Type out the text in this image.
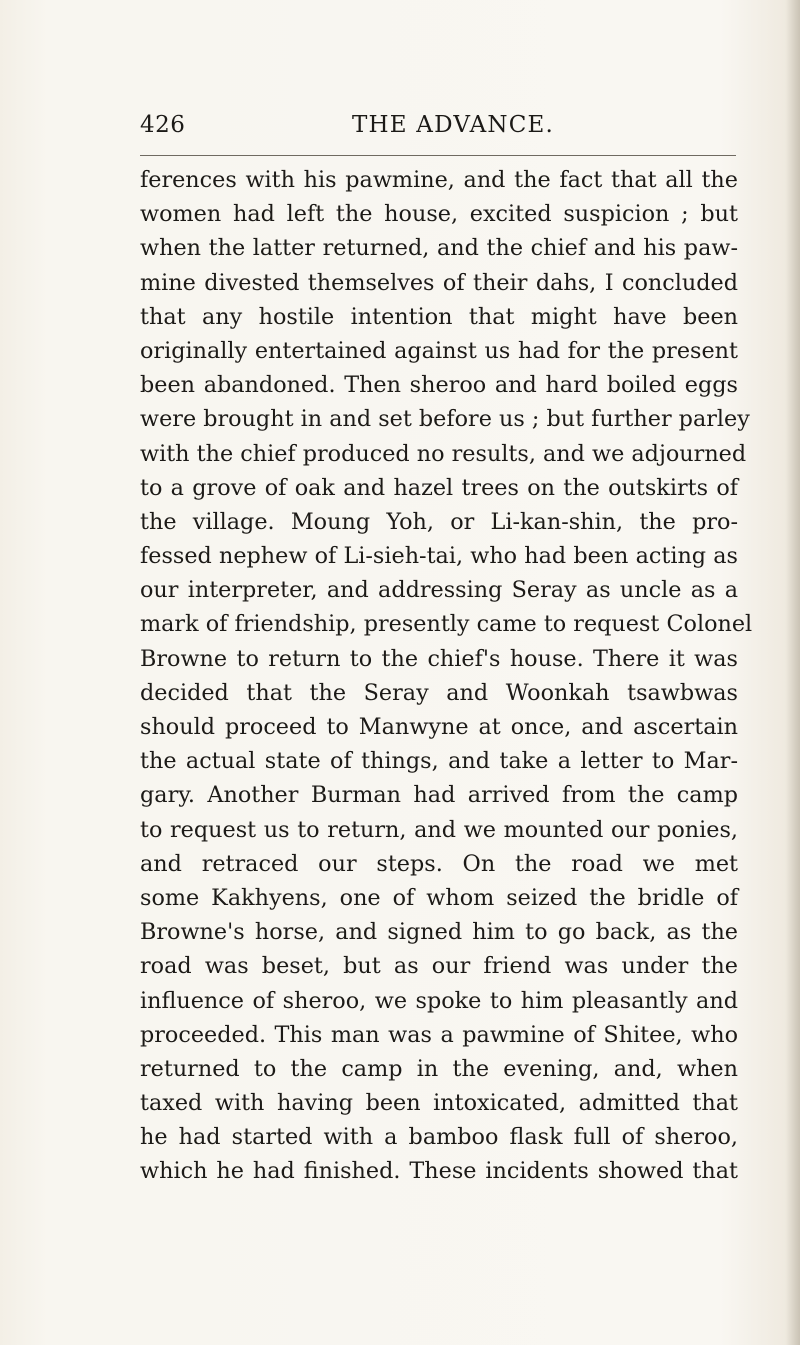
426	THE ADVANCE.
ferences with his pawmine, and the fact that all the
women had left the house, excited suspicion ; but
when the latter returned, and the chief and his paw-
mine divested themselves of their dahs, I concluded
that any hostile intention that might have been
originally entertained against us had for the present
been abandoned. Then sheroo and hard boiled eggs
were brought in and set before us ; but further parley
with the chief produced no results, and we adjourned
to a grove of oak and hazel trees on the outskirts of
the village. Moung Yoh, or Li-kan-shin, the pro-
fessed nephew of Li-sieh-tai, who had been acting as
our interpreter, and addressing Seray as uncle as a
mark of friendship, presently came to request Colonel
Browne to return to the chief's house. There it was
decided that the Seray and Woonkah tsawbwas
should proceed to Manwyne at once, and ascertain
the actual state of things, and take a letter to Mar-
gary. Another Burman had arrived from the camp
to request us to return, and we mounted our ponies,
and retraced our steps. On the road we met
some Kakhyens, one of whom seized the bridle of
Browne's horse, and signed him to go back, as the
road was beset, but as our friend was under the
influence of sheroo, we spoke to him pleasantly and
proceeded. This man was a pawmine of Shitee, who
returned to the camp in the evening, and, when
taxed with having been intoxicated, admitted that
he had started with a bamboo flask full of sheroo,
which he had finished. These incidents showed that
